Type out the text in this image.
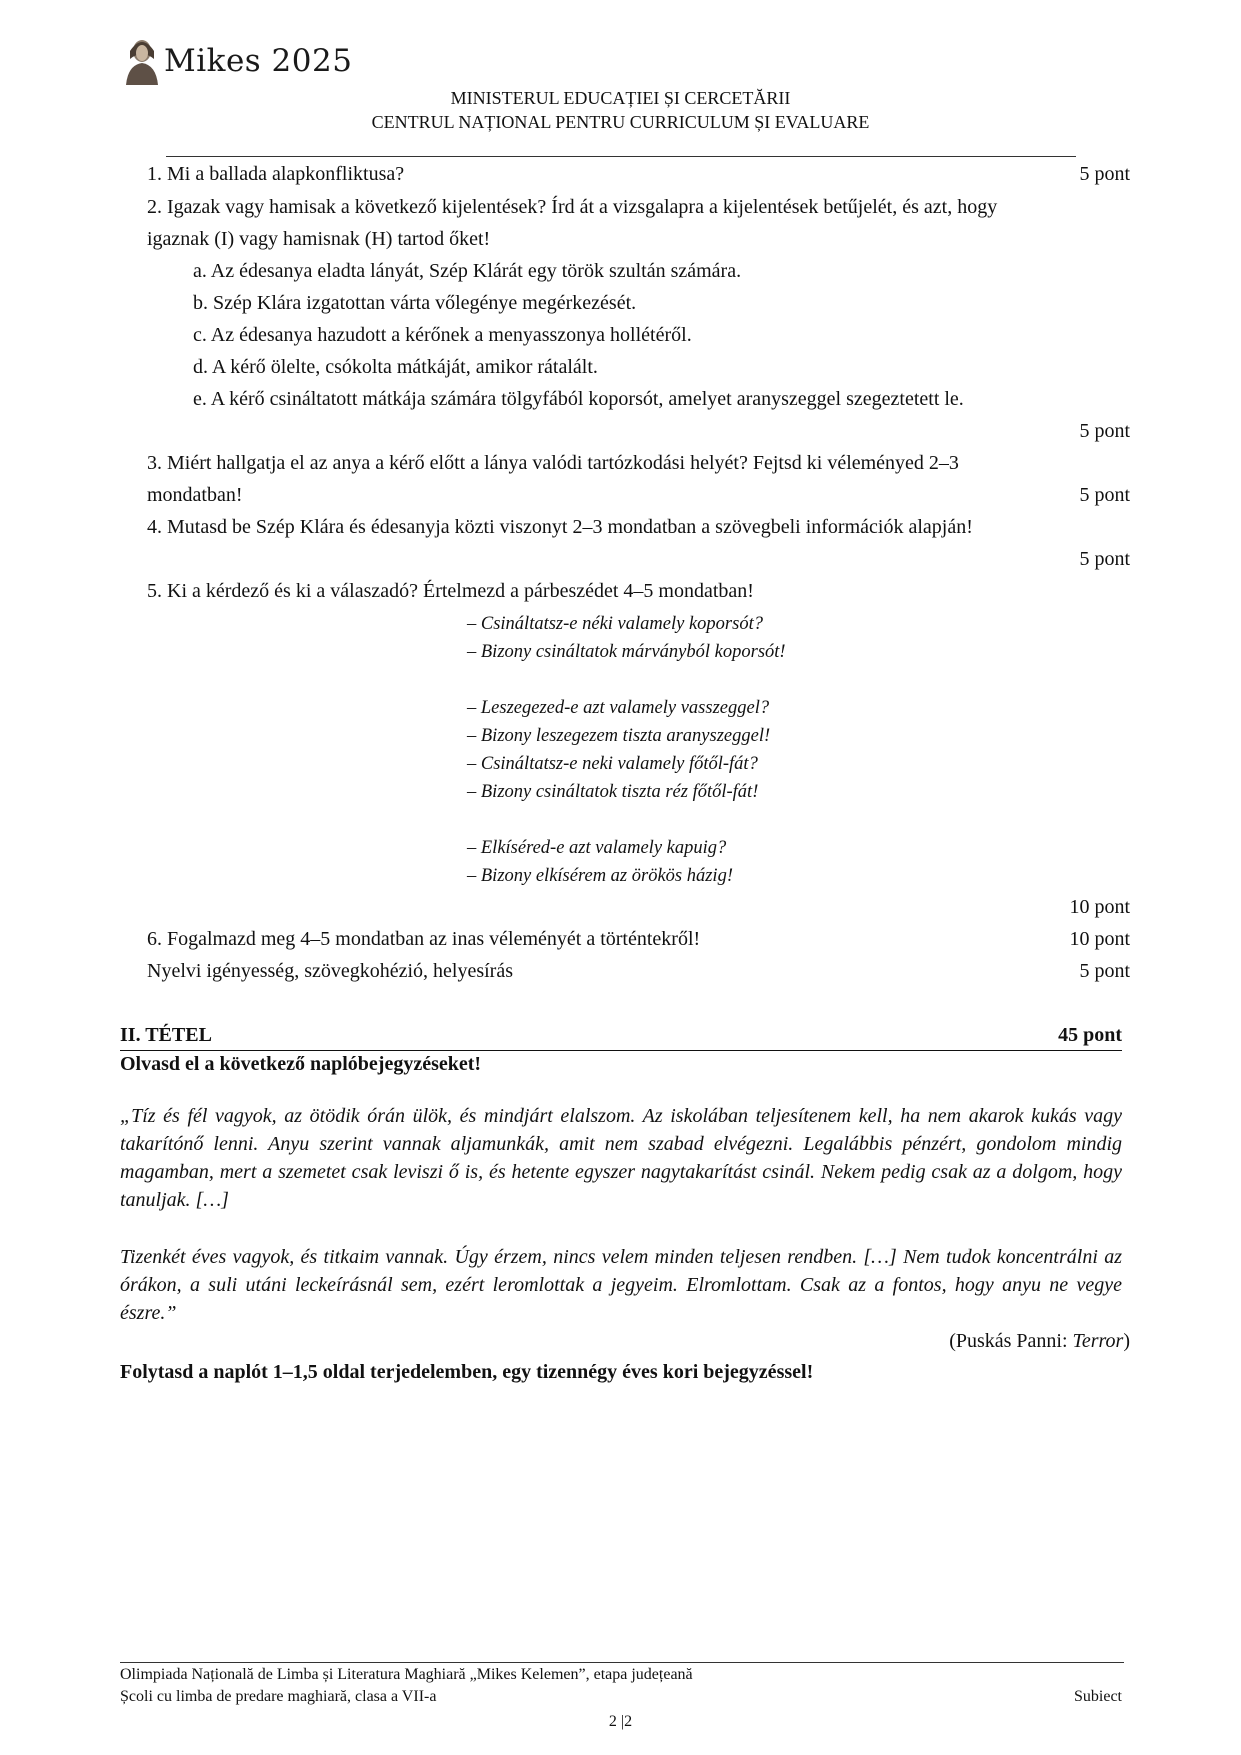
Mikes 2025
MINISTERUL EDUCAȚIEI ȘI CERCETĂRII
CENTRUL NAȚIONAL PENTRU CURRICULUM ȘI EVALUARE
1. Mi a ballada alapkonfliktusa?	5 pont
2. Igazak vagy hamisak a következő kijelentések? Írd át a vizsgalapra a kijelentések betűjelét, és azt, hogy
igaznak (I) vagy hamisnak (H) tartod őket!
a. Az édesanya eladta lányát, Szép Klárát egy török szultán számára.
b. Szép Klára izgatottan várta vőlegénye megérkezését.
c. Az édesanya hazudott a kérőnek a menyasszonya hollétéről.
d. A kérő ölelte, csókolta mátkáját, amikor rátalált.
e. A kérő csináltatott mátkája számára tölgyfából koporsót, amelyet aranyszeggel szegeztetett le.
5 pont
3. Miért hallgatja el az anya a kérő előtt a lánya valódi tartózkodási helyét? Fejtsd ki véleményed 2–3
mondatban!	5 pont
4. Mutasd be Szép Klára és édesanyja közti viszonyt 2–3 mondatban a szövegbeli információk alapján!
5 pont
5. Ki a kérdező és ki a válaszadó? Értelmezd a párbeszédet 4–5 mondatban!
– Csináltatsz-e néki valamely koporsót?
– Bizony csináltatok márványból koporsót!
– Leszegezed-e azt valamely vasszeggel?
– Bizony leszegezem tiszta aranyszeggel!
– Csináltatsz-e neki valamely főtől-fát?
– Bizony csináltatok tiszta réz főtől-fát!
– Elkíséred-e azt valamely kapuig?
– Bizony elkísérem az örökös házig!
10 pont
6. Fogalmazd meg 4–5 mondatban az inas véleményét a történtekről!	10 pont
Nyelvi igényesség, szövegkohézió, helyesírás	5 pont
II. TÉTEL	45 pont
Olvasd el a következő naplóbejegyzéseket!
„Tíz és fél vagyok, az ötödik órán ülök, és mindjárt elalszom. Az iskolában teljesítenem kell, ha nem akarok kukás vagy takarítónő lenni. Anyu szerint vannak aljamunkák, amit nem szabad elvégezni. Legalábbis pénzért, gondolom mindig magamban, mert a szemetet csak leviszi ő is, és hetente egyszer nagytakarítást csinál. Nekem pedig csak az a dolgom, hogy tanuljak. […]
Tizenkét éves vagyok, és titkaim vannak. Úgy érzem, nincs velem minden teljesen rendben. […] Nem tudok koncentrálni az órákon, a suli utáni leckeírásnál sem, ezért leromlottak a jegyeim. Elromlottam. Csak az a fontos, hogy anyu ne vegye észre.”
(Puskás Panni: Terror)
Folytasd a naplót 1–1,5 oldal terjedelemben, egy tizennégy éves kori bejegyzéssel!
Olimpiada Națională de Limba și Literatura Maghiară „Mikes Kelemen”, etapa județeană
Școli cu limba de predare maghiară, clasa a VII-a	Subiect
2 |2
